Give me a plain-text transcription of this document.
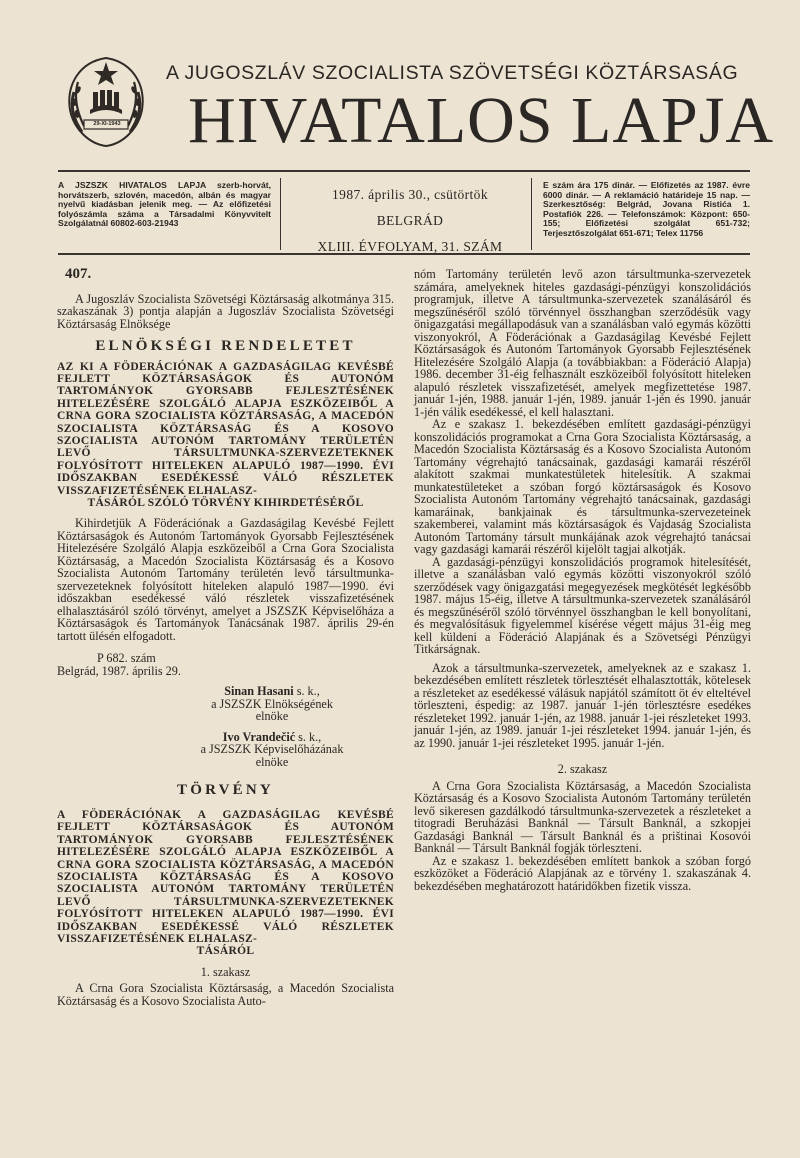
29-XI-1943
A JUGOSZLÁV SZOCIALISTA SZÖVETSÉGI KÖZTÁRSASÁG
HIVATALOS LAPJA
A JSZSZK HIVATALOS LAPJA szerb-horvát, horvátszerb, szlovén, macedón, albán és magyar nyelvű kiadásban jelenik meg. — Az előfizetési folyószámla száma a Társadalmi Könyvvitelt Szolgálatnál 60802-603-21943
1987. április 30., csütörtök
BELGRÁD
XLIII. ÉVFOLYAM, 31. SZÁM
E szám ára 175 dinár. — Előfizetés az 1987. évre 6000 dinár. — A reklamáció határideje 15 nap. — Szerkesztőség: Belgrád, Jovana Ristića 1. Postafiók 226. — Telefonszámok: Központ: 650-155; Előfizetési szolgálat 651-732; Terjesztőszolgálat 651-671; Telex 11756
407.

A Jugoszláv Szocialista Szövetségi Köztársaság alkotmánya 315. szakaszának 3) pontja alapján a Jugoszláv Szocialista Szövetségi Köztársaság Elnöksége

ELNÖKSÉGI RENDELETET
AZ KI A FÖDERÁCIÓNAK A GAZDASÁGILAG KEVÉSBÉ FEJLETT KÖZTÁRSASÁGOK ÉS AUTONÓM TARTOMÁNYOK GYORSABB FEJLESZTÉSÉNEK HITELEZÉSÉRE SZOLGÁLÓ ALAPJA ESZKÖZEIBŐL A CRNA GORA SZOCIALISTA KÖZTÁRSASÁG, A MACEDÓN SZOCIALISTA KÖZTÁRSASÁG ÉS A KOSOVO SZOCIALISTA AUTONÓM TARTOMÁNY TERÜLETÉN LEVŐ TÁRSULTMUNKA-SZERVEZETEKNEK FOLYÓSÍTOTT HITELEKEN ALAPULÓ 1987—1990. ÉVI IDŐSZAKBAN ESEDÉKESSÉ VÁLÓ RÉSZLETEK VISSZAFIZETÉSÉNEK ELHALASZ-
TÁSÁRÓL SZÓLÓ TÖRVÉNY KIHIRDETÉSÉRŐL

Kihirdetjük A Föderációnak a Gazdaságilag Kevésbé Fejlett Köztársaságok és Autonóm Tartományok Gyorsabb Fejlesztésének Hitelezésére Szolgáló Alapja eszközeiből a Crna Gora Szocialista Köztársaság, a Macedón Szocialista Köztársaság és a Kosovo Szocialista Autonóm Tartomány területén levő társultmunka-szervezeteknek folyósított hiteleken alapuló 1987—1990. évi időszakban esedékessé váló részletek visszafizetésének elhalasztásáról szóló törvényt, amelyet a JSZSZK Képviselőháza a Köztársaságok és Tartományok Tanácsának 1987. április 29-én tartott ülésén elfogadott.

P 682. szám

Belgrád, 1987. április 29.

Sinan Hasani s. k.,
a JSZSZK Elnökségének
elnöke
Ivo Vrandečić s. k.,
a JSZSZK Képviselőházának
elnöke
TÖRVÉNY
A FÖDERÁCIÓNAK A GAZDASÁGILAG KEVÉSBÉ FEJLETT KÖZTÁRSASÁGOK ÉS AUTONÓM TARTOMÁNYOK GYORSABB FEJLESZTÉSÉNEK HITELEZÉSÉRE SZOLGÁLÓ ALAPJA ESZKÖZEIBŐL A CRNA GORA SZOCIALISTA KÖZTÁRSASÁG, A MACEDÓN SZOCIALISTA KÖZTÁRSASÁG ÉS A KOSOVO SZOCIALISTA AUTONÓM TARTOMÁNY TERÜLETÉN LEVŐ TÁRSULTMUNKA-SZERVEZETEKNEK FOLYÓSÍTOTT HITELEKEN ALAPULÓ 1987—1990. ÉVI IDŐSZAKBAN ESEDÉKESSÉ VÁLÓ RÉSZLETEK VISSZAFIZETÉSÉNEK ELHALASZ-
TÁSÁRÓL
1. szakasz

A Crna Gora Szocialista Köztársaság, a Macedón Szocialista Köztársaság és a Kosovo Szocialista Auto-

nóm Tartomány területén levő azon társultmunka-szervezetek számára, amelyeknek hiteles gazdasági-pénzügyi konszolidációs programjuk, illetve A társultmunka-szervezetek szanálásáról és megszűnéséről szóló törvénnyel összhangban szerződésük vagy önigazgatási megállapodásuk van a szanálásban való egymás közötti viszonyokról, A Föderációnak a Gazdaságilag Kevésbé Fejlett Köztársaságok és Autonóm Tartományok Gyorsabb Fejlesztésének Hitelezésére Szolgáló Alapja (a továbbiakban: a Föderáció Alapja) 1986. december 31-éig felhasznált eszközeiből folyósított hiteleken alapuló részletek visszafizetését, amelyek megfizettetése 1987. január 1-jén, 1988. január 1-jén, 1989. január 1-jén és 1990. január 1-jén válik esedékessé, el kell halasztani.

Az e szakasz 1. bekezdésében említett gazdasági-pénzügyi konszolidációs programokat a Crna Gora Szocialista Köztársaság, a Macedón Szocialista Köztársaság és a Kosovo Szocialista Autonóm Tartomány végrehajtó tanácsainak, gazdasági kamarái részéről alakított szakmai munkatestületek hitelesítik. A szakmai munkatestületeket a szóban forgó köztársaságok és Kosovo Szocialista Autonóm Tartomány végrehajtó tanácsainak, gazdasági kamaráinak, bankjainak és társultmunka-szervezeteinek szakemberei, valamint más köztársaságok és Vajdaság Szocialista Autonóm Tartomány társult munkájának azok végrehajtó tanácsai vagy gazdasági kamarái részéről kijelölt tagjai alkotják.

A gazdasági-pénzügyi konszolidációs programok hitelesítését, illetve a szanálásban való egymás közötti viszonyokról szóló szerződések vagy önigazgatási megegyezések megkötését legkésőbb 1987. május 15-éig, illetve A társultmunka-szervezetek szanálásáról és megszűnéséről szóló törvénnyel összhangban le kell bonyolítani, és megvalósításuk figyelemmel kísérése végett május 31-éig meg kell küldeni a Föderáció Alapjának és a Szövetségi Pénzügyi Titkárságnak.

Azok a társultmunka-szervezetek, amelyeknek az e szakasz 1. bekezdésében említett részletek törlesztését elhalasztották, kötelesek a részleteket az esedékessé válásuk napjától számított öt év elteltével törleszteni, éspedig: az 1987. január 1-jén törlesztésre esedékes részleteket 1992. január 1-jén, az 1988. január 1-jei részleteket 1993. január 1-jén, az 1989. január 1-jei részleteket 1994. január 1-jén, és az 1990. január 1-jei részleteket 1995. január 1-jén.

2. szakasz

A Crna Gora Szocialista Köztársaság, a Macedón Szocialista Köztársaság és a Kosovo Szocialista Autonóm Tartomány területén levő sikeresen gazdálkodó társultmunka-szervezetek a részleteket a titogradi Beruházási Banknál — Társult Banknál, a szkopjei Gazdasági Banknál — Társult Banknál és a prištinai Kosovói Banknál — Társult Banknál fogják törleszteni.

Az e szakasz 1. bekezdésében említett bankok a szóban forgó eszközöket a Föderáció Alapjának az e törvény 1. szakaszának 4. bekezdésében meghatározott határidőkben fizetik vissza.
